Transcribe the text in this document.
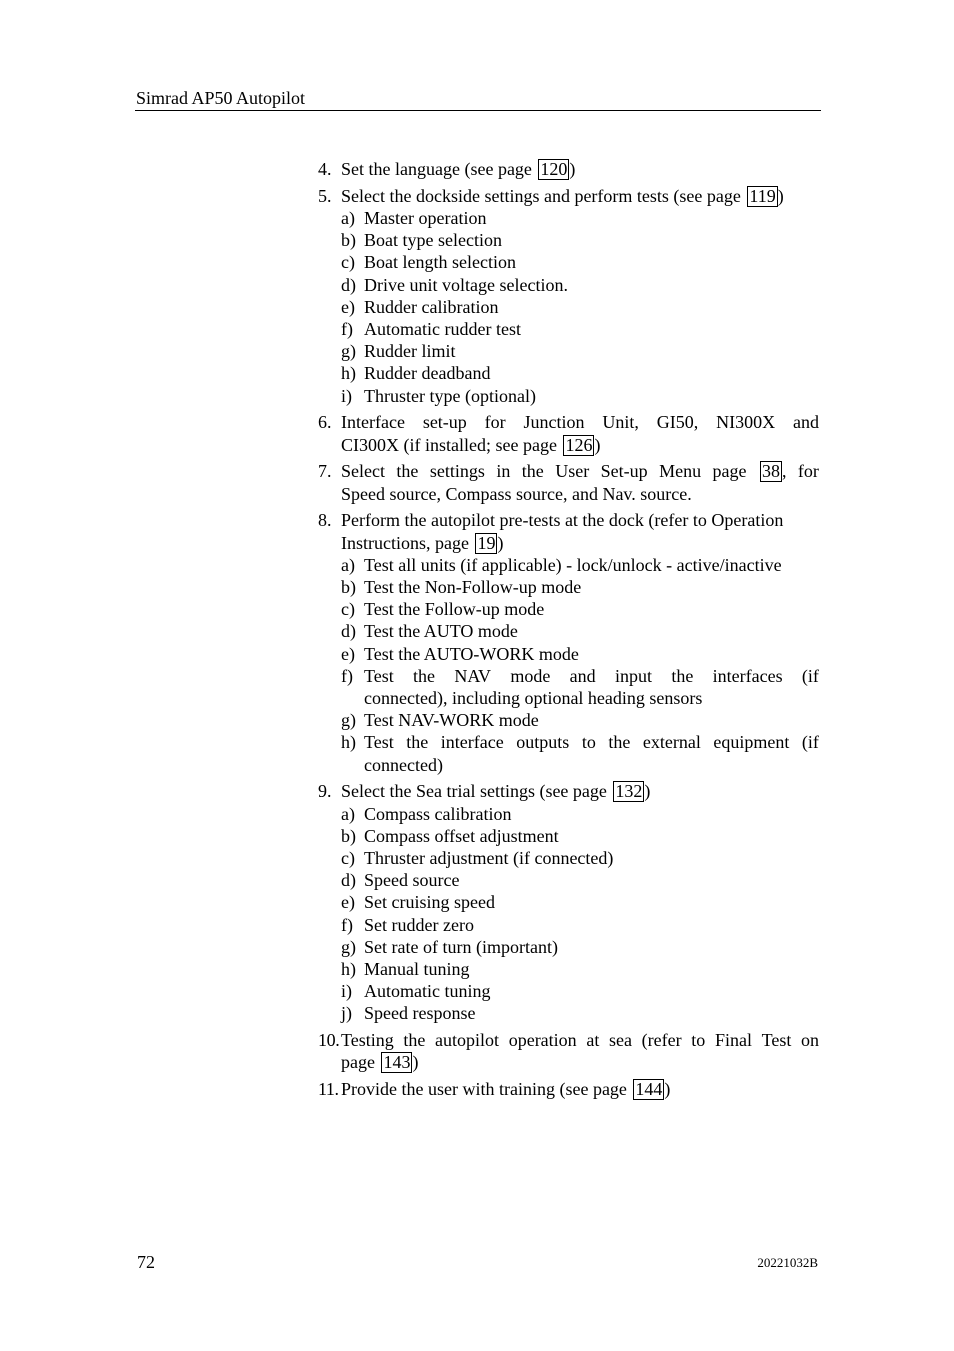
Simrad AP50 Autopilot
4. Set the language (see page 120 )
5. Select the dockside settings and perform tests (see page 119 )
a) Master operation
b) Boat type selection
c) Boat length selection
d) Drive unit voltage selection.
e) Rudder calibration
f) Automatic rudder test
g) Rudder limit
h) Rudder deadband
i) Thruster type (optional)
6. Interface set-up for Junction Unit, GI50, NI300X and
CI300X (if installed; see page 126 )
7. Select the settings in the User Set-up Menu page 38 , for
Speed source, Compass source, and Nav. source.
8. Perform the autopilot pre-tests at the dock (refer to Operation
Instructions, page 19 )
a) Test all units (if applicable) - lock/unlock - active/inactive
b) Test the Non-Follow-up mode
c) Test the Follow-up mode
d) Test the AUTO mode
e) Test the AUTO-WORK mode
f) Test the NAV mode and input the interfaces (if
connected), including optional heading sensors
g) Test NAV-WORK mode
h) Test the interface outputs to the external equipment (if
connected)
9. Select the Sea trial settings (see page 132 )
a) Compass calibration
b) Compass offset adjustment
c) Thruster adjustment (if connected)
d) Speed source
e) Set cruising speed
f) Set rudder zero
g) Set rate of turn (important)
h) Manual tuning
i) Automatic tuning
j) Speed response
10. Testing the autopilot operation at sea (refer to Final Test on
page 143 )
11. Provide the user with training (see page 144 )
72	20221032B
